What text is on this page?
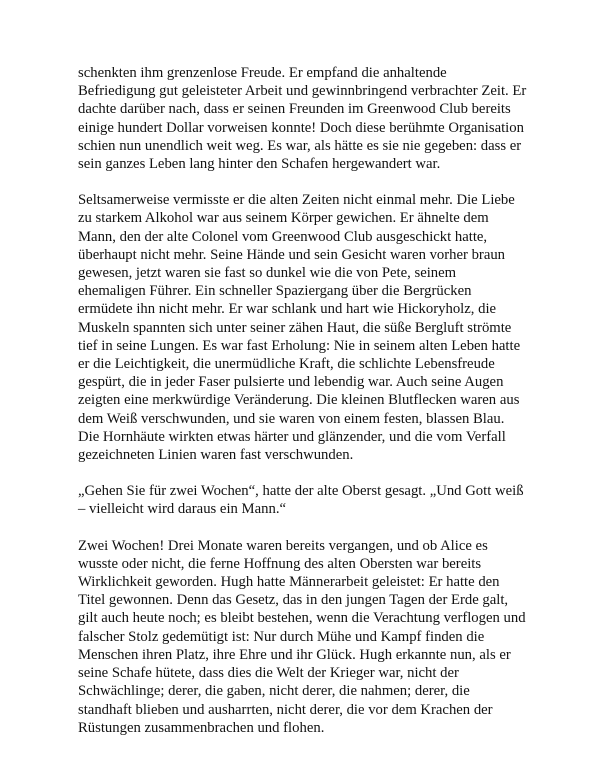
schenkten ihm grenzenlose Freude. Er empfand die anhaltende
Befriedigung gut geleisteter Arbeit und gewinnbringend verbrachter Zeit. Er
dachte darüber nach, dass er seinen Freunden im Greenwood Club bereits
einige hundert Dollar vorweisen konnte! Doch diese berühmte Organisation
schien nun unendlich weit weg. Es war, als hätte es sie nie gegeben: dass er
sein ganzes Leben lang hinter den Schafen hergewandert war.

Seltsamerweise vermisste er die alten Zeiten nicht einmal mehr. Die Liebe
zu starkem Alkohol war aus seinem Körper gewichen. Er ähnelte dem
Mann, den der alte Colonel vom Greenwood Club ausgeschickt hatte,
überhaupt nicht mehr. Seine Hände und sein Gesicht waren vorher braun
gewesen, jetzt waren sie fast so dunkel wie die von Pete, seinem
ehemaligen Führer. Ein schneller Spaziergang über die Bergrücken
ermüdete ihn nicht mehr. Er war schlank und hart wie Hickoryholz, die
Muskeln spannten sich unter seiner zähen Haut, die süße Bergluft strömte
tief in seine Lungen. Es war fast Erholung: Nie in seinem alten Leben hatte
er die Leichtigkeit, die unermüdliche Kraft, die schlichte Lebensfreude
gespürt, die in jeder Faser pulsierte und lebendig war. Auch seine Augen
zeigten eine merkwürdige Veränderung. Die kleinen Blutflecken waren aus
dem Weiß verschwunden, und sie waren von einem festen, blassen Blau.
Die Hornhäute wirkten etwas härter und glänzender, und die vom Verfall
gezeichneten Linien waren fast verschwunden.

„Gehen Sie für zwei Wochen“, hatte der alte Oberst gesagt. „Und Gott weiß
– vielleicht wird daraus ein Mann.“

Zwei Wochen! Drei Monate waren bereits vergangen, und ob Alice es
wusste oder nicht, die ferne Hoffnung des alten Obersten war bereits
Wirklichkeit geworden. Hugh hatte Männerarbeit geleistet: Er hatte den
Titel gewonnen. Denn das Gesetz, das in den jungen Tagen der Erde galt,
gilt auch heute noch; es bleibt bestehen, wenn die Verachtung verflogen und
falscher Stolz gedemütigt ist: Nur durch Mühe und Kampf finden die
Menschen ihren Platz, ihre Ehre und ihr Glück. Hugh erkannte nun, als er
seine Schafe hütete, dass dies die Welt der Krieger war, nicht der
Schwächlinge; derer, die gaben, nicht derer, die nahmen; derer, die
standhaft blieben und ausharrten, nicht derer, die vor dem Krachen der
Rüstungen zusammenbrachen und flohen.
